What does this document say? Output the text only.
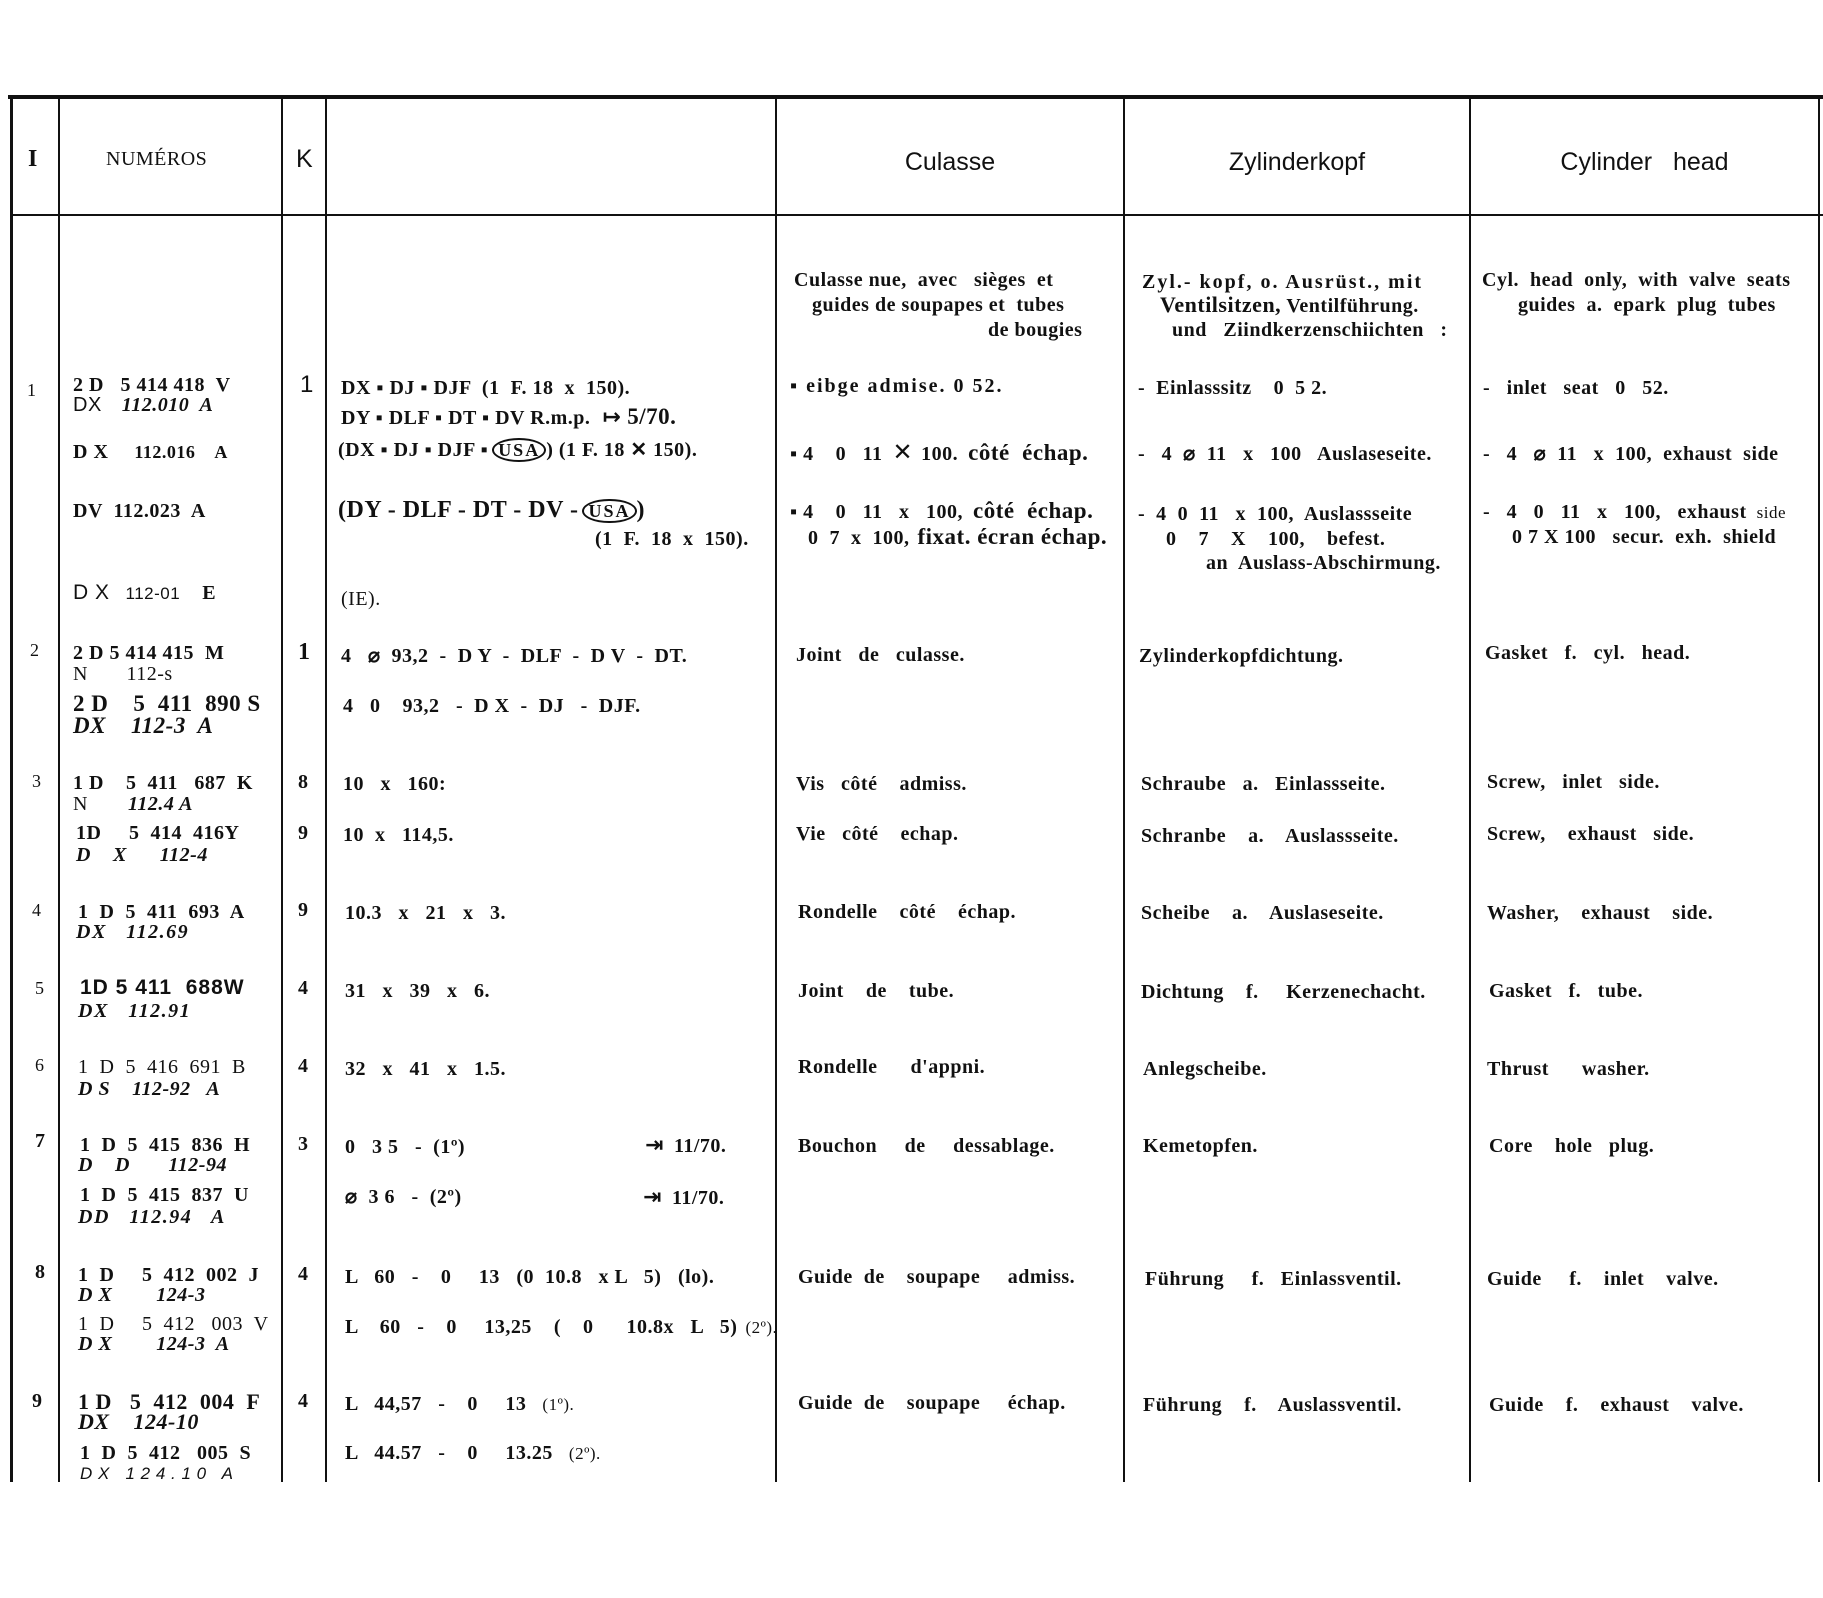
I	NUMÉROS	K	Culasse	Zylinderkopf	Cylinder   head
Culasse nue,  avec   sièges  et
guides de soupapes et  tubes
de bougies
Zyl.- kopf, o. Ausrüst., mit
Ventilsitzen, Ventilführung.
und   Ziindkerzenschiichten   :
Cyl.  head  only,  with  valve  seats
guides  a.  epark  plug  tubes
1 2 D   5 414 418  V
DX 112.010  A
D X 112.016    A
DV  112.023  A
D X 112-01 E
1 DX ▪ DJ ▪ DJF  (1  F. 18  x  150).
DY ▪ DLF ▪ DT ▪ DV R.m.p. ↦ 5/70.
(DX ▪ DJ ▪ DJF ▪ USA ) (1 F. 18 ✕ 150).
(DY - DLF - DT - DV - USA )
(1  F.  18  x  150).
(IE).
▪ eibge admise. 0 52.
▪ 4    0   11 ✕ 100. côté  échap.
▪ 4    0   11   x   100, côté  échap.
0  7  x  100, fixat. écran échap.
-  Einlasssitz    0  5 2.
-   4  ⌀  11   x   100   Auslaseseite.
-  4  0  11   x  100,  Auslassseite
0    7    X    100,    befest.
an  Auslass-Abschirmung.
-   inlet   seat   0   52.
-   4   ⌀  11   x  100,  exhaust  side
-   4   0   11   x   100,   exhaust side
0 7 X 100   secur.  exh.  shield
2 2 D 5 414 415  M
N       112-s
2 D    5  411  890 S
DX    112-3  A
1 4   ⌀  93,2  -  D Y  -  DLF  -  D V  -  DT.
4   0    93,2   -  D X  -  DJ   -  DJF.
Joint   de   culasse.	Zylinderkopfdichtung.	Gasket   f.   cyl.   head.
3 1 D    5  411   687  K
N 112.4 A
1D     5  414  416Y
D    X      112-4
8
9
10   x   160:
10  x   114,5.
Vis   côté    admiss.
Vie   côté    echap.
Schraube   a.   Einlassseite.
Schranbe    a.    Auslassseite.
Screw,   inlet   side.
Screw,    exhaust   side.
4 1  D  5  411  693  A
DX   112.69
9 10.3   x   21   x   3.	Rondelle    côté    échap.	Scheibe    a.    Auslaseseite.	Washer,    exhaust    side.
5 1D 5 411  688W
DX   112.91
4 31   x   39   x   6.	Joint    de    tube.	Dichtung    f.     Kerzenechacht.	Gasket   f.   tube.
6 1  D  5  416  691  B
D S    112-92   A
4 32   x   41   x   1.5.	Rondelle      d'appni.	Anlegscheibe.	Thrust      washer.
7 1  D  5  415  836  H
D    D       112-94
1  D  5  415  837  U
DD   112.94   A
3 0   3 5   -  (1º)	⇥ 11/70.
⌀  3 6   -  (2º)	⇥ 11/70.
Bouchon     de     dessablage.	Kemetopfen.	Core    hole   plug.
8 1  D     5  412  002  J
D X        124-3
1  D     5  412   003  V
D X        124-3  A
4 L   60   -    0     13   (0  10.8   x L   5)   (lo).
L    60   -    0     13,25    (    0      10.8x   L   5) (2º).
Guide  de    soupape     admiss.	Führung     f.   Einlassventil.	Guide     f.    inlet    valve.
9 1 D   5  412  004  F
DX    124-10
1  D  5  412   005  S
D X   1 2 4 . 1 0   A
4 L   44,57   -    0     13 (1º).
L   44.57   -    0     13.25 (2º).
Guide  de    soupape     échap.	Führung    f.    Auslassventil.	Guide    f.    exhaust    valve.
